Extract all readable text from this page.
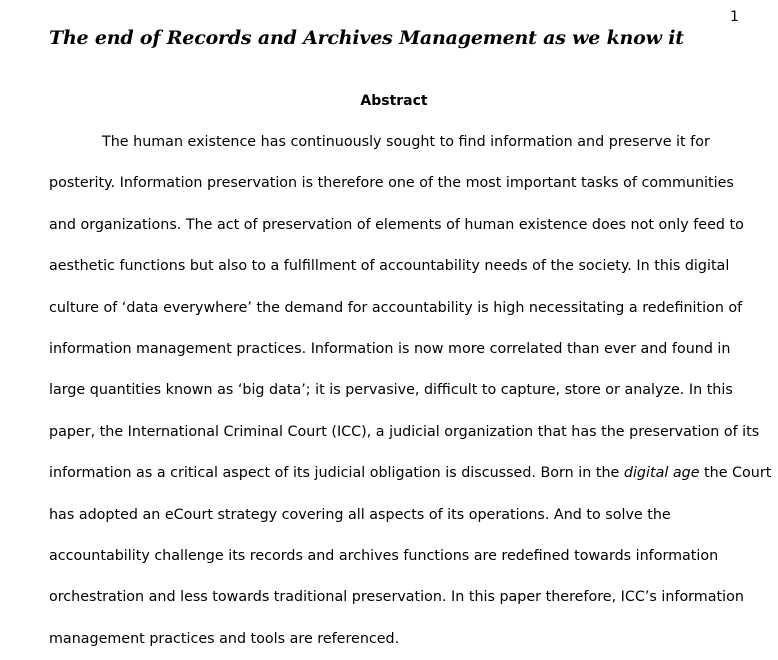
1
The end of Records and Archives Management as we know it
Abstract
The human existence has continuously sought to find information and preserve it for
posterity. Information preservation is therefore one of the most important tasks of communities
and organizations. The act of preservation of elements of human existence does not only feed to
aesthetic functions but also to a fulfillment of accountability needs of the society. In this digital
culture of ‘data everywhere’ the demand for accountability is high necessitating a redefinition of
information management practices. Information is now more correlated than ever and found in
large quantities known as ‘big data’; it is pervasive, difficult to capture, store or analyze. In this
paper, the International Criminal Court (ICC), a judicial organization that has the preservation of its
information as a critical aspect of its judicial obligation is discussed. Born in the digital age the Court
has adopted an eCourt strategy covering all aspects of its operations. And to solve the
accountability challenge its records and archives functions are redefined towards information
orchestration and less towards traditional preservation. In this paper therefore, ICC’s information
management practices and tools are referenced.
